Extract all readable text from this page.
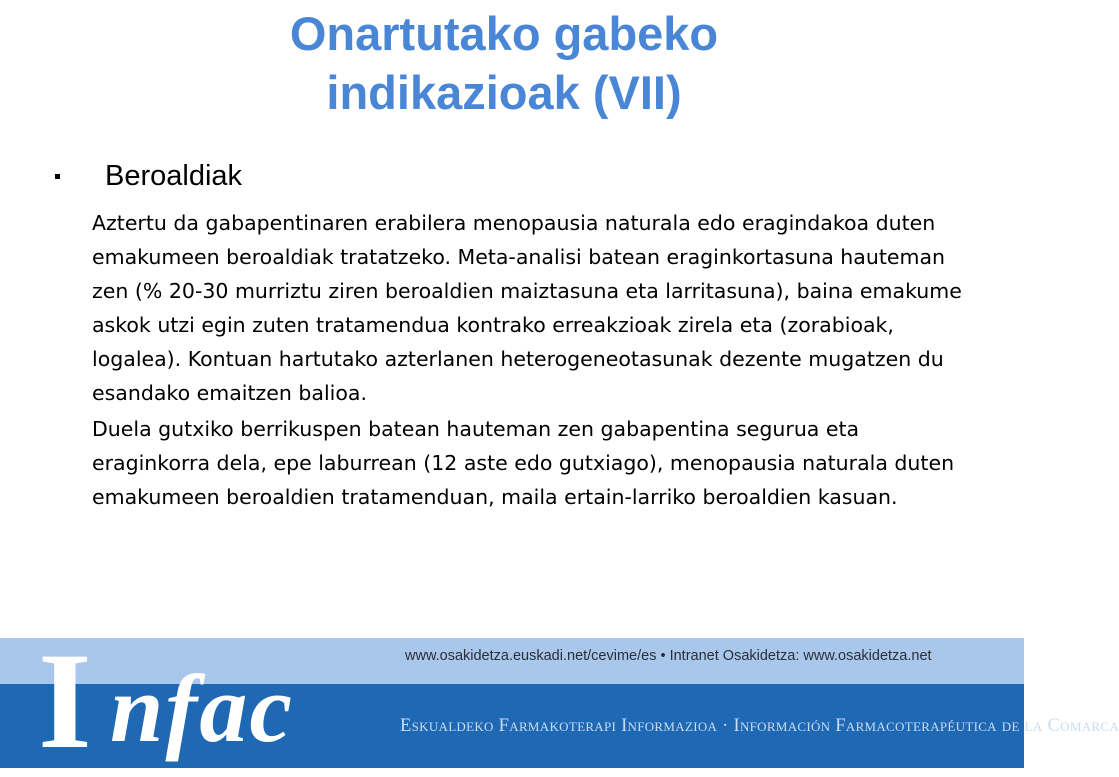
Onartutako gabeko
indikazioak (VII)
Beroaldiak

Aztertu da gabapentinaren erabilera menopausia naturala edo eragindakoa duten emakumeen beroaldiak tratatzeko. Meta-analisi batean eraginkortasuna hauteman zen (% 20-30 murriztu ziren beroaldien maiztasuna eta larritasuna), baina emakume askok utzi egin zuten tratamendua kontrako erreakzioak zirela eta (zorabioak, logalea). Kontuan hartutako azterlanen heterogeneotasunak dezente mugatzen du esandako emaitzen balioa.

Duela gutxiko berrikuspen batean hauteman zen gabapentina segurua eta eraginkorra dela, epe laburrean (12 aste edo gutxiago), menopausia naturala duten emakumeen beroaldien tratamenduan, maila ertain-larriko beroaldien kasuan.

I nfac	www.osakidetza.euskadi.net/cevime/es • Intranet Osakidetza: www.osakidetza.net
Eskualdeko Farmakoterapi Informazioa · Información Farmacoterapéutica de la Comarca
